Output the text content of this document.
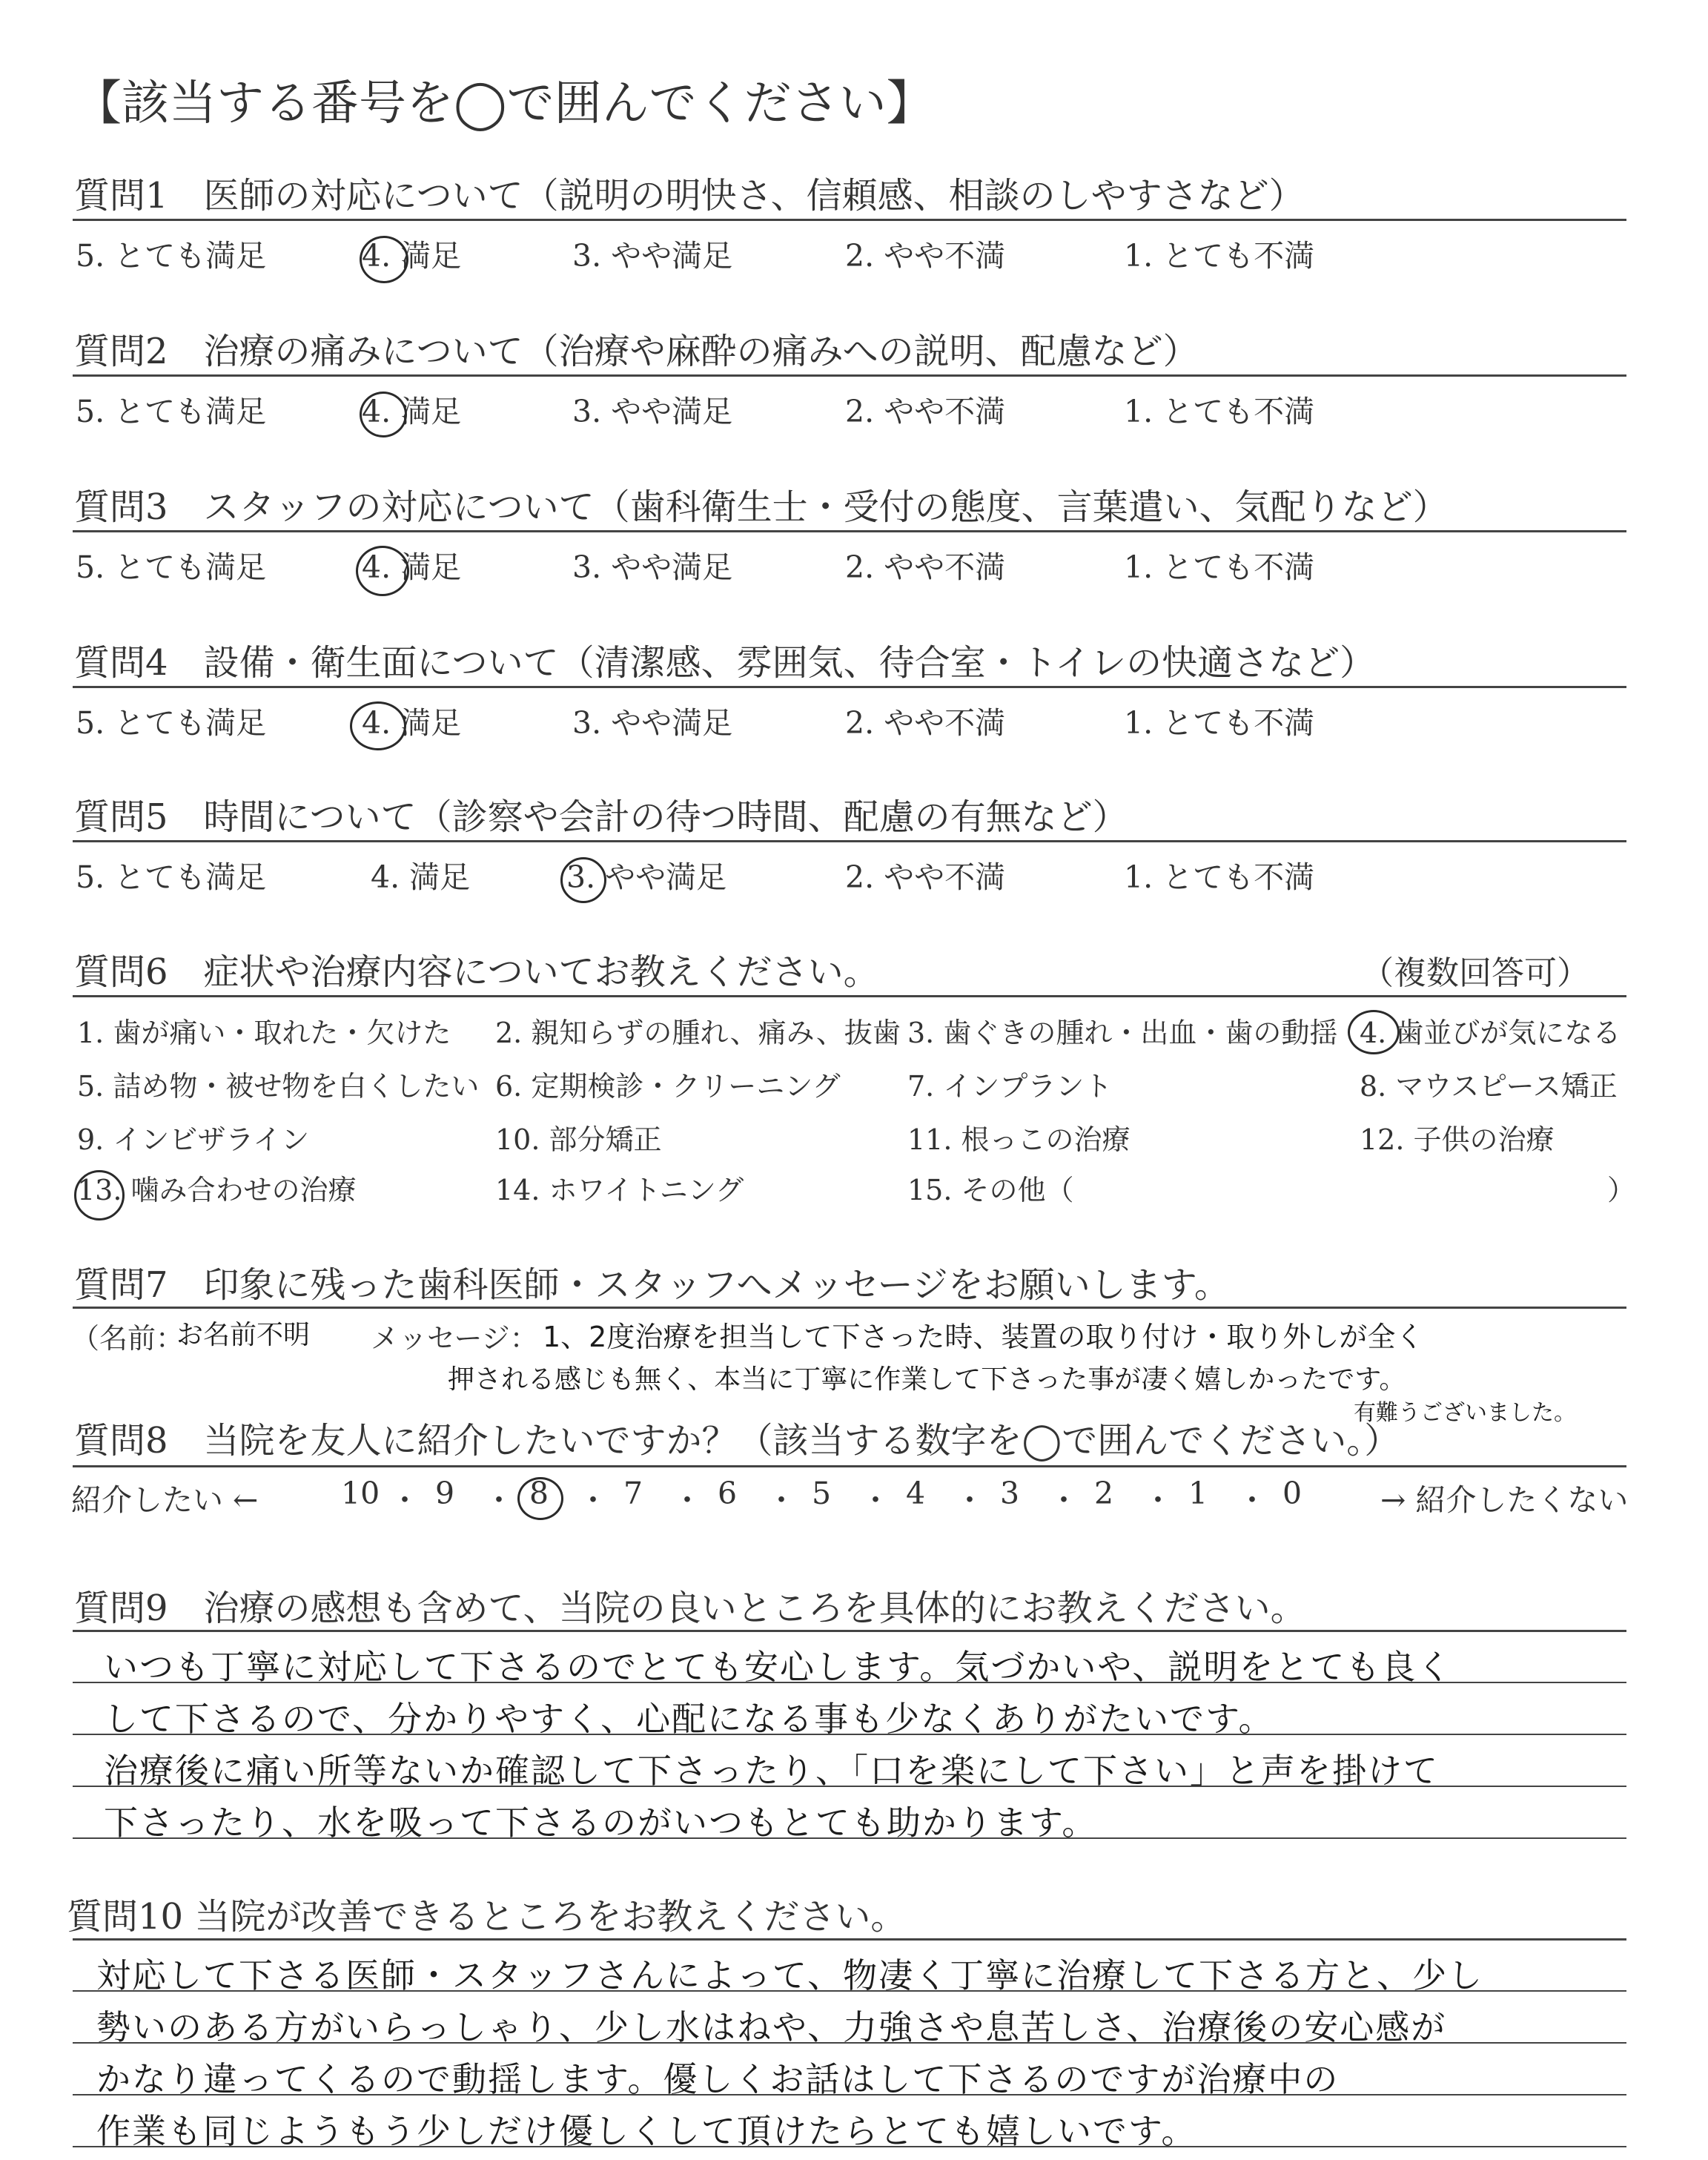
【該当する番号を◯で囲んでください】
質問1　医師の対応について（説明の明快さ、信頼感、相談のしやすさなど）
5. とても満足	4. 満足	3. やや満足	2. やや不満	1. とても不満
質問2　治療の痛みについて（治療や麻酔の痛みへの説明、配慮など）
5. とても満足	4. 満足	3. やや満足	2. やや不満	1. とても不満
質問3　スタッフの対応について（歯科衛生士・受付の態度、言葉遣い、気配りなど）
5. とても満足	4. 満足	3. やや満足	2. やや不満	1. とても不満
質問4　設備・衛生面について（清潔感、雰囲気、待合室・トイレの快適さなど）
5. とても満足	4. 満足	3. やや満足	2. やや不満	1. とても不満
質問5　時間について（診察や会計の待つ時間、配慮の有無など）
5. とても満足	4. 満足	3. やや満足	2. やや不満	1. とても不満
質問6　症状や治療内容についてお教えください。	（複数回答可）
1. 歯が痛い・取れた・欠けた 2. 親知らずの腫れ、痛み、抜歯 3. 歯ぐきの腫れ・出血・歯の動揺 4. 歯並びが気になる
5. 詰め物・被せ物を白くしたい 6. 定期検診・クリーニング 7. インプラント	8. マウスピース矯正
9. インビザライン	10. 部分矯正	11. 根っこの治療	12. 子供の治療
13. 噛み合わせの治療	14. ホワイトニング	15. その他（	）
質問7　印象に残った歯科医師・スタッフへメッセージをお願いします。
（名前：
お名前不明 メッセージ： 1、2度治療を担当して下さった時、装置の取り付け・取り外しが全く
押される感じも無く、本当に丁寧に作業して下さった事が凄く嬉しかったです。
有難うございました。
質問8　当院を友人に紹介したいですか？（該当する数字を◯で囲んでください。）
紹介したい ←	→ 紹介したくない
10 ・ 9 ・ 8 ・ 7 ・ 6 ・ 5 ・ 4 ・ 3 ・ 2 ・ 1 ・ 0
質問9　治療の感想も含めて、当院の良いところを具体的にお教えください。
いつも丁寧に対応して下さるのでとても安心します。気づかいや、説明をとても良く
して下さるので、分かりやすく、心配になる事も少なくありがたいです。
治療後に痛い所等ないか確認して下さったり、「口を楽にして下さい」と声を掛けて
下さったり、水を吸って下さるのがいつもとても助かります。
質問10 当院が改善できるところをお教えください。
対応して下さる医師・スタッフさんによって、物凄く丁寧に治療して下さる方と、少し
勢いのある方がいらっしゃり、少し水はねや、力強さや息苦しさ、治療後の安心感が
かなり違ってくるので動揺します。優しくお話はして下さるのですが治療中の
作業も同じようもう少しだけ優しくして頂けたらとても嬉しいです。
